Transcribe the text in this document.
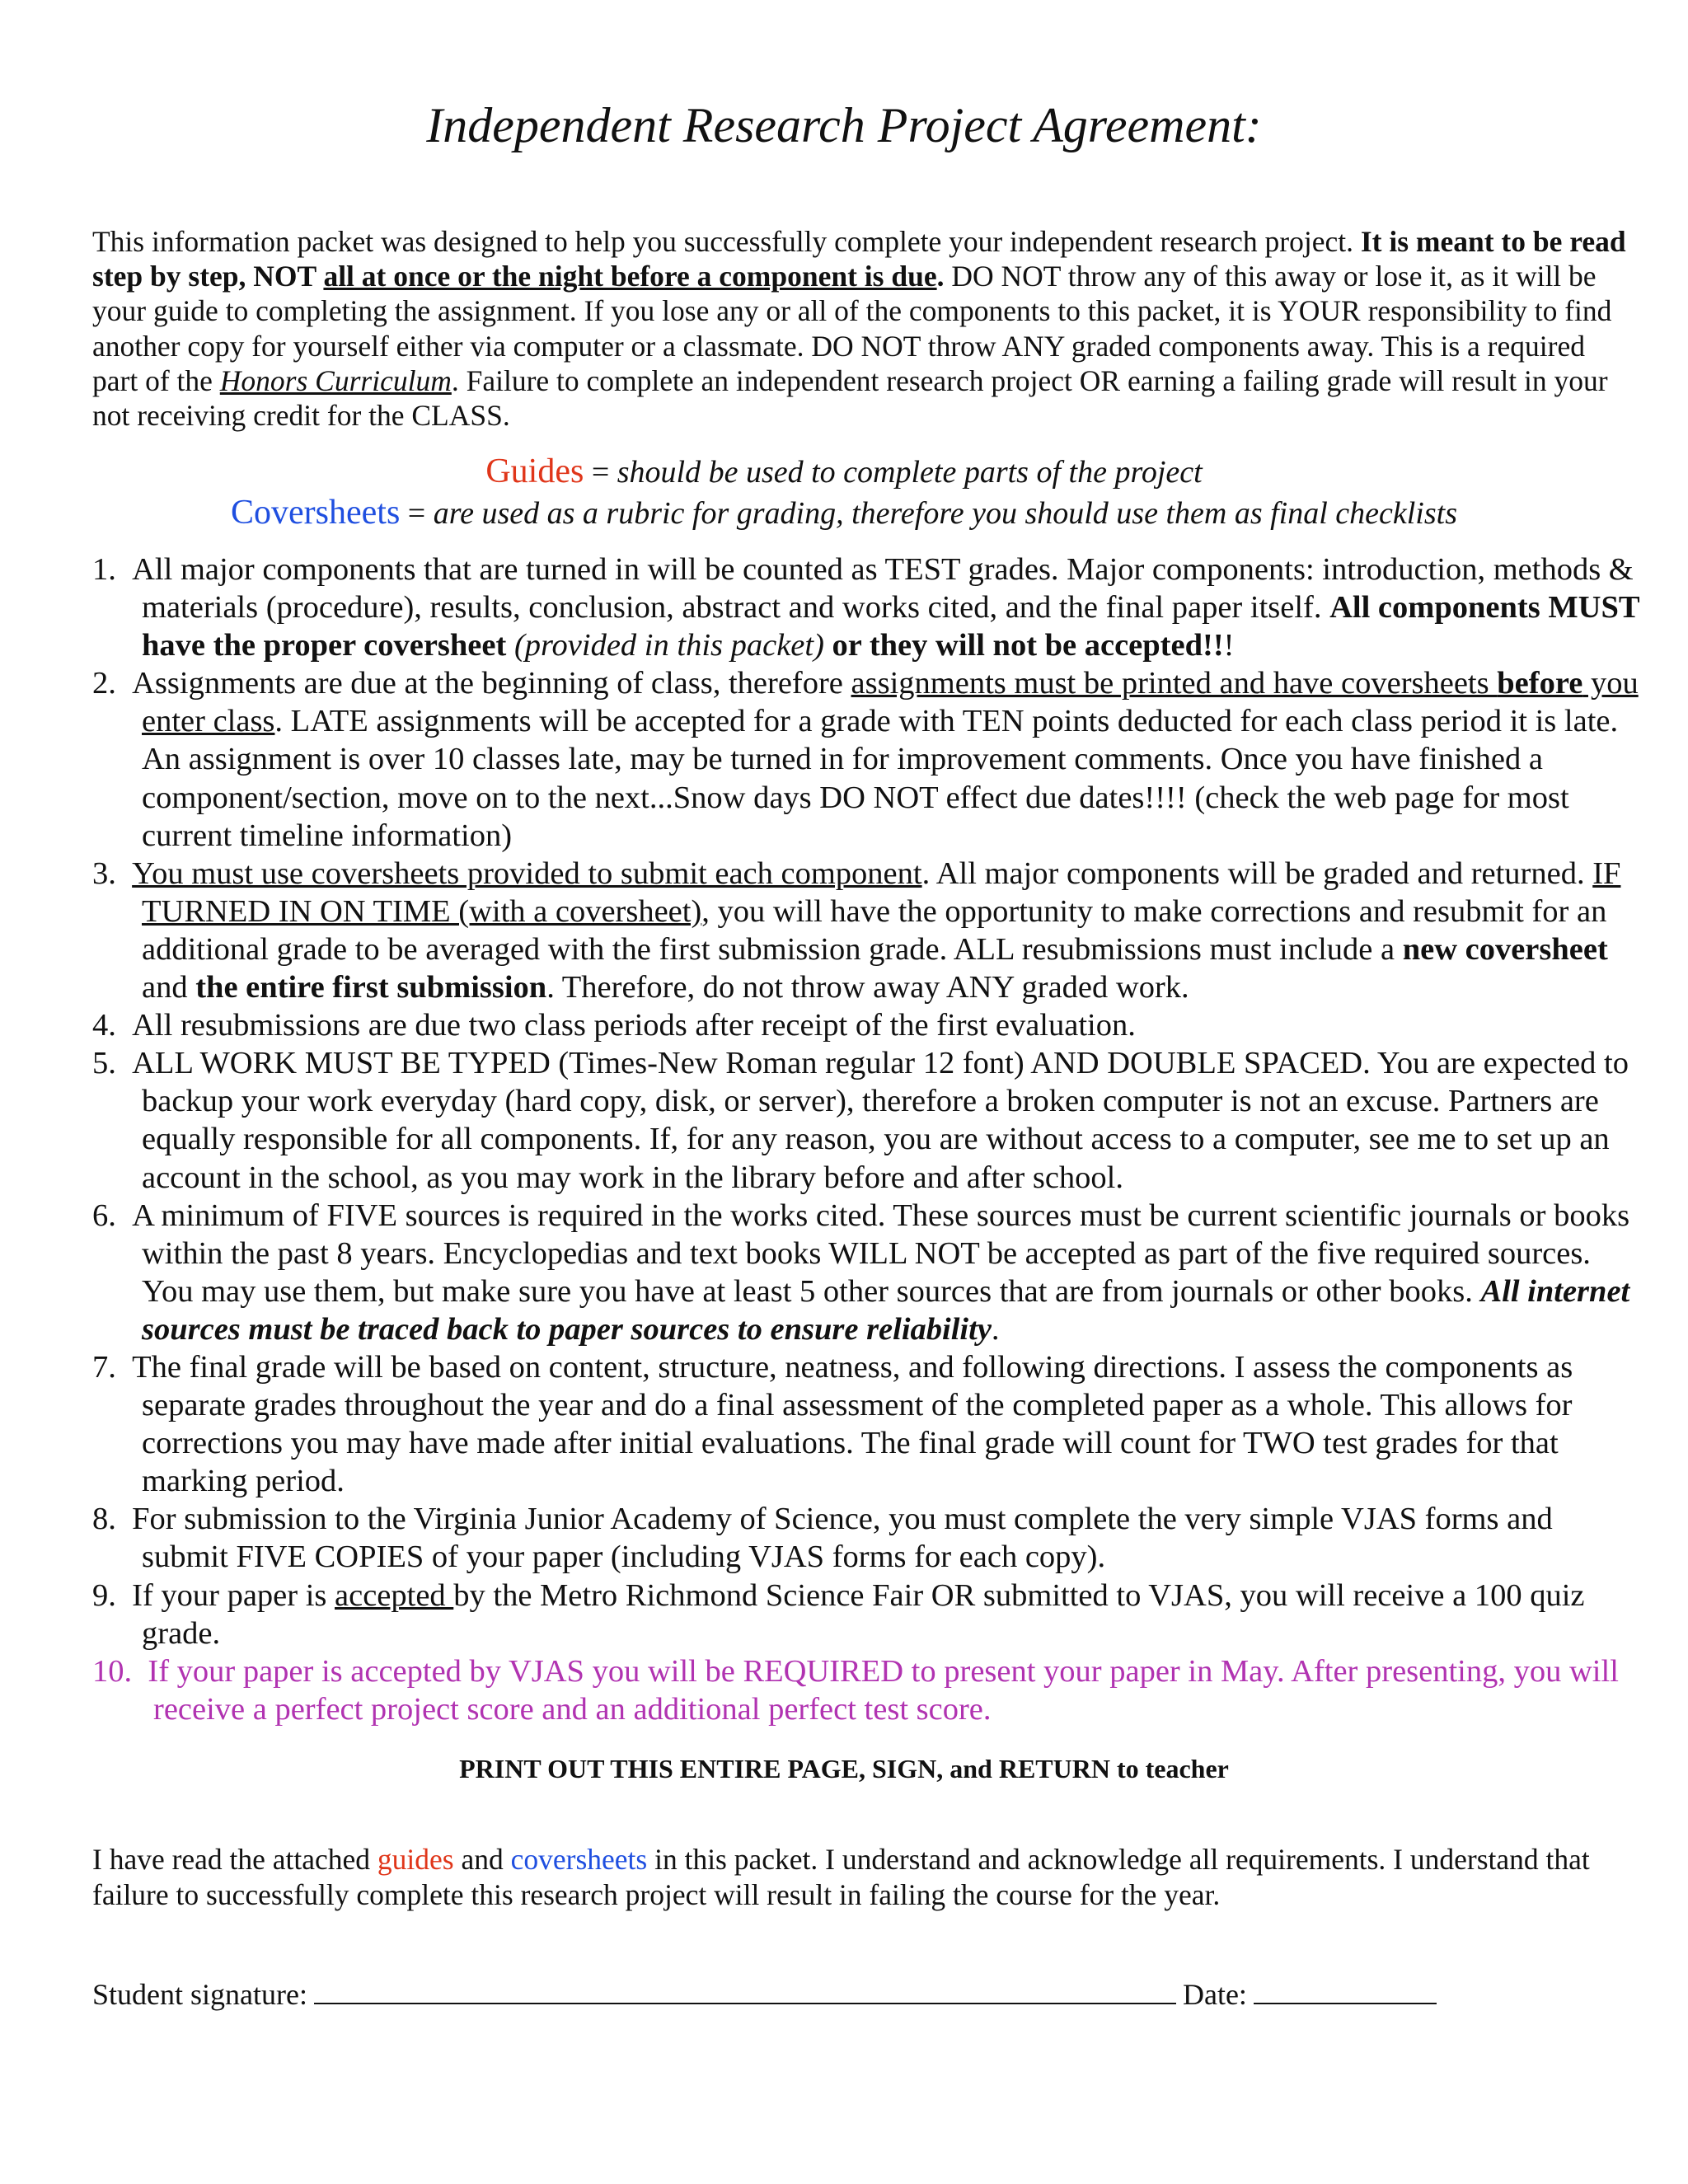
Independent Research Project Agreement:

This information packet was designed to help you successfully complete your independent research project. It is meant to be read step by step, NOT all at once or the night before a component is due. DO NOT throw any of this away or lose it, as it will be your guide to completing the assignment. If you lose any or all of the components to this packet, it is YOUR responsibility to find another copy for yourself either via computer or a classmate. DO NOT throw ANY graded components away. This is a required part of the Honors Curriculum. Failure to complete an independent research project OR earning a failing grade will result in your not receiving credit for the CLASS.

Guides = should be used to complete parts of the project

Coversheets = are used as a rubric for grading, therefore you should use them as final checklists

1. All major components that are turned in will be counted as TEST grades. Major components: introduction, methods & materials (procedure), results, conclusion, abstract and works cited, and the final paper itself. All components MUST have the proper coversheet (provided in this packet) or they will not be accepted!!!
2. Assignments are due at the beginning of class, therefore assignments must be printed and have coversheets before you enter class. LATE assignments will be accepted for a grade with TEN points deducted for each class period it is late. An assignment is over 10 classes late, may be turned in for improvement comments. Once you have finished a component/section, move on to the next...Snow days DO NOT effect due dates!!!! (check the web page for most current timeline information)
3. You must use coversheets provided to submit each component. All major components will be graded and returned. IF TURNED IN ON TIME (with a coversheet), you will have the opportunity to make corrections and resubmit for an additional grade to be averaged with the first submission grade. ALL resubmissions must include a new coversheet and the entire first submission. Therefore, do not throw away ANY graded work.
4. All resubmissions are due two class periods after receipt of the first evaluation.
5. ALL WORK MUST BE TYPED (Times-New Roman regular 12 font) AND DOUBLE SPACED. You are expected to backup your work everyday (hard copy, disk, or server), therefore a broken computer is not an excuse. Partners are equally responsible for all components. If, for any reason, you are without access to a computer, see me to set up an account in the school, as you may work in the library before and after school.
6. A minimum of FIVE sources is required in the works cited. These sources must be current scientific journals or books within the past 8 years. Encyclopedias and text books WILL NOT be accepted as part of the five required sources. You may use them, but make sure you have at least 5 other sources that are from journals or other books. All internet sources must be traced back to paper sources to ensure reliability.
7. The final grade will be based on content, structure, neatness, and following directions. I assess the components as separate grades throughout the year and do a final assessment of the completed paper as a whole. This allows for corrections you may have made after initial evaluations. The final grade will count for TWO test grades for that marking period.
8. For submission to the Virginia Junior Academy of Science, you must complete the very simple VJAS forms and submit FIVE COPIES of your paper (including VJAS forms for each copy).
9. If your paper is accepted by the Metro Richmond Science Fair OR submitted to VJAS, you will receive a 100 quiz grade.
10. If your paper is accepted by VJAS you will be REQUIRED to present your paper in May. After presenting, you will receive a perfect project score and an additional perfect test score.

PRINT OUT THIS ENTIRE PAGE, SIGN, and RETURN to teacher

I have read the attached guides and coversheets in this packet. I understand and acknowledge all requirements. I understand that failure to successfully complete this research project will result in failing the course for the year.

Student signature:	Date:
